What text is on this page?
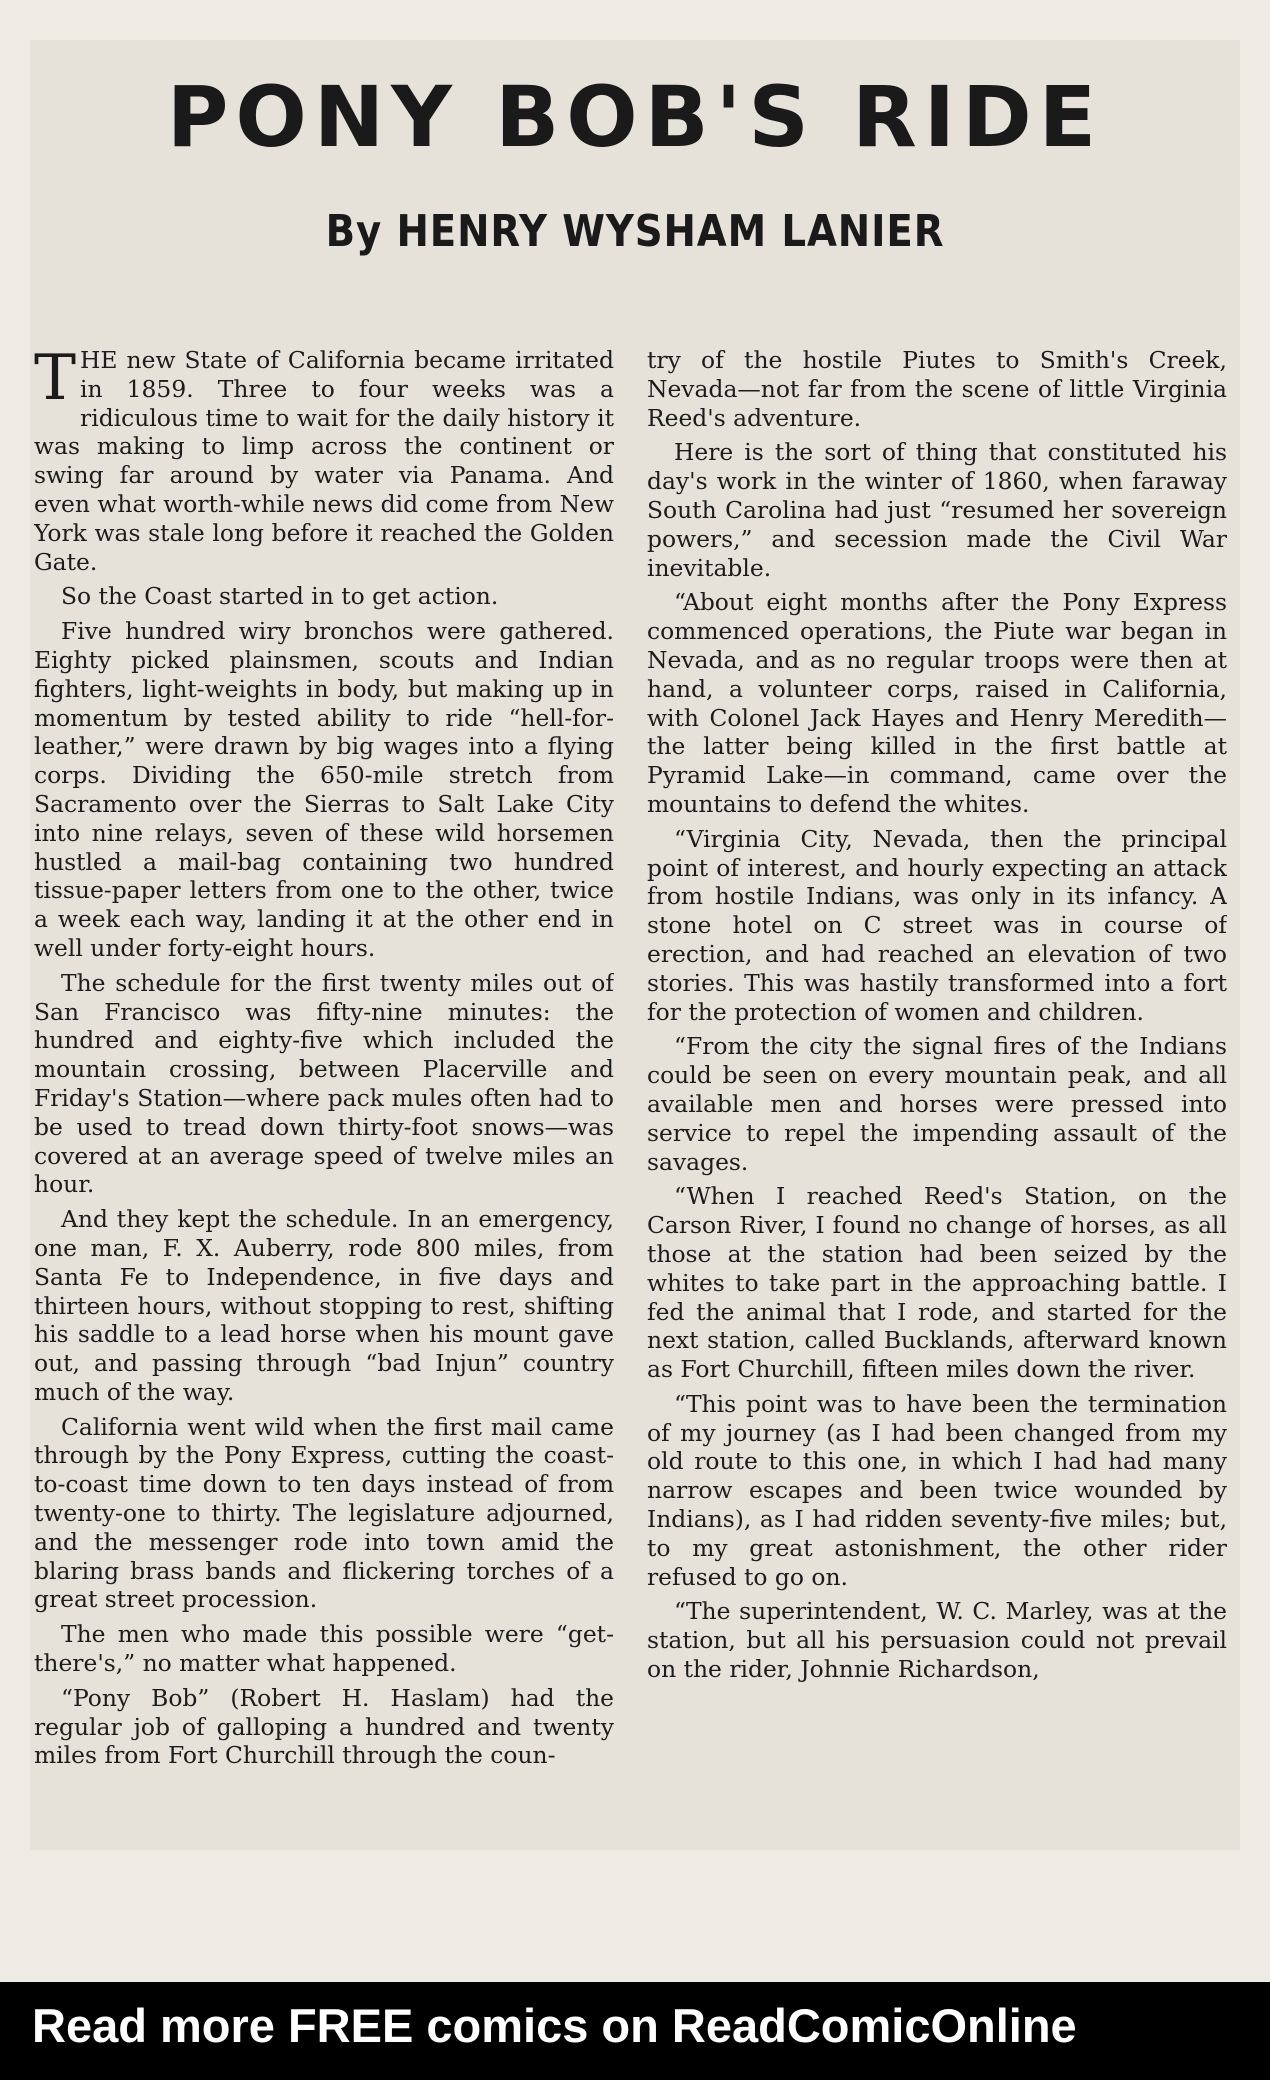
PONY BOB'S RIDE
By HENRY WYSHAM LANIER

THE new State of California became irritated in 1859. Three to four weeks was a ridiculous time to wait for the daily history it was making to limp across the continent or swing far around by water via Panama. And even what worth-while news did come from New York was stale long before it reached the Golden Gate.

So the Coast started in to get action.

Five hundred wiry bronchos were gathered. Eighty picked plainsmen, scouts and Indian fighters, light-weights in body, but making up in momentum by tested ability to ride “hell-for-leather,” were drawn by big wages into a flying corps. Dividing the 650-mile stretch from Sacramento over the Sierras to Salt Lake City into nine relays, seven of these wild horsemen hustled a mail-bag containing two hundred tissue-paper letters from one to the other, twice a week each way, landing it at the other end in well under forty-eight hours.

The schedule for the first twenty miles out of San Francisco was fifty-nine minutes: the hundred and eighty-five which included the mountain crossing, between Placerville and Friday's Station—where pack mules often had to be used to tread down thirty-foot snows—was covered at an average speed of twelve miles an hour.

And they kept the schedule. In an emergency, one man, F. X. Auberry, rode 800 miles, from Santa Fe to Independence, in five days and thirteen hours, without stopping to rest, shifting his saddle to a lead horse when his mount gave out, and passing through “bad Injun” country much of the way.

California went wild when the first mail came through by the Pony Express, cutting the coast-to-coast time down to ten days instead of from twenty-one to thirty. The legislature adjourned, and the messenger rode into town amid the blaring brass bands and flickering torches of a great street procession.

The men who made this possible were “get-there's,” no matter what happened.

“Pony Bob” (Robert H. Haslam) had the regular job of galloping a hundred and twenty miles from Fort Churchill through the coun-

try of the hostile Piutes to Smith's Creek, Nevada—not far from the scene of little Virginia Reed's adventure.

Here is the sort of thing that constituted his day's work in the winter of 1860, when faraway South Carolina had just “resumed her sovereign powers,” and secession made the Civil War inevitable.

“About eight months after the Pony Express commenced operations, the Piute war began in Nevada, and as no regular troops were then at hand, a volunteer corps, raised in California, with Colonel Jack Hayes and Henry Meredith—the latter being killed in the first battle at Pyramid Lake—in command, came over the mountains to defend the whites.

“Virginia City, Nevada, then the principal point of interest, and hourly expecting an attack from hostile Indians, was only in its infancy. A stone hotel on C street was in course of erection, and had reached an elevation of two stories. This was hastily transformed into a fort for the protection of women and children.

“From the city the signal fires of the Indians could be seen on every mountain peak, and all available men and horses were pressed into service to repel the impending assault of the savages.

“When I reached Reed's Station, on the Carson River, I found no change of horses, as all those at the station had been seized by the whites to take part in the approaching battle. I fed the animal that I rode, and started for the next station, called Bucklands, afterward known as Fort Churchill, fifteen miles down the river.

“This point was to have been the termination of my journey (as I had been changed from my old route to this one, in which I had had many narrow escapes and been twice wounded by Indians), as I had ridden seventy-five miles; but, to my great astonishment, the other rider refused to go on.

“The superintendent, W. C. Marley, was at the station, but all his persuasion could not prevail on the rider, Johnnie Richardson,

Read more FREE comics on ReadComicOnline
